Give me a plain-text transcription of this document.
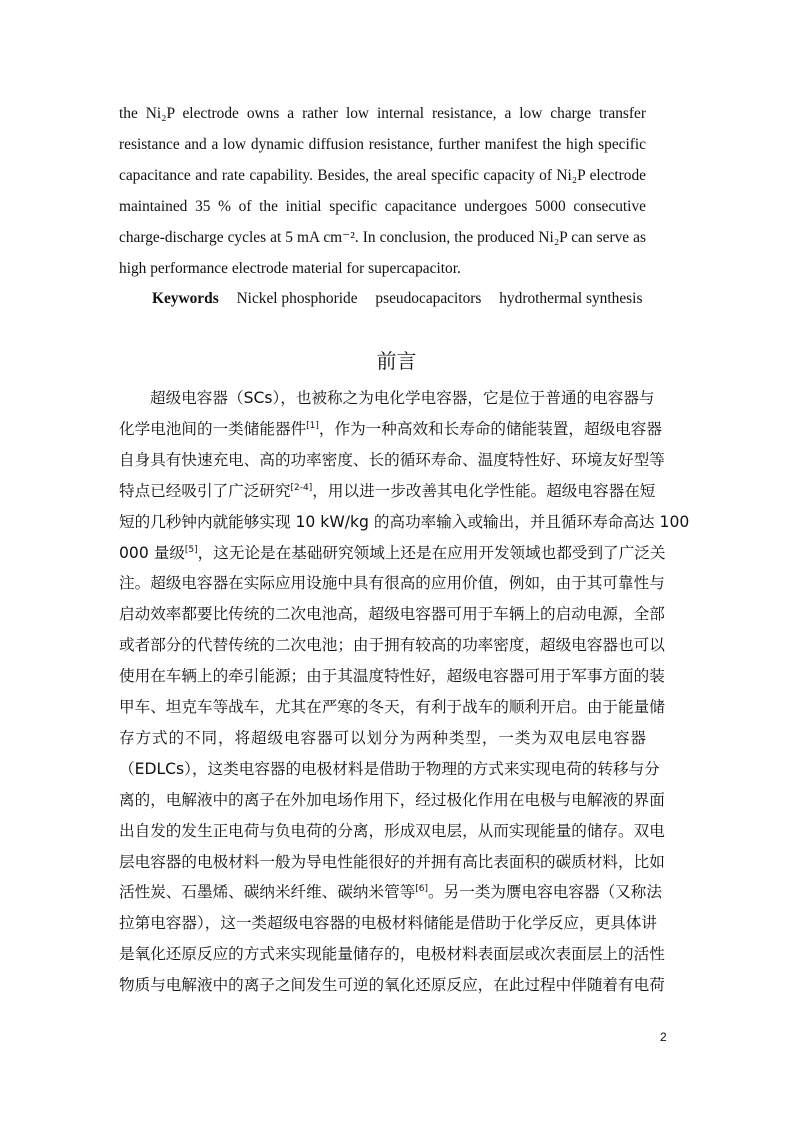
the Ni₂P electrode owns a rather low internal resistance, a low charge transfer
resistance and a low dynamic diffusion resistance, further manifest the high specific
capacitance and rate capability. Besides, the areal specific capacity of Ni₂P electrode
maintained 35 % of the initial specific capacitance undergoes 5000 consecutive
charge-discharge cycles at 5 mA cm⁻². In conclusion, the produced Ni₂P can serve as
high performance electrode material for supercapacitor.
Keywords Nickel phosphoride pseudocapacitors hydrothermal synthesis
前言
超级电容器（SCs），也被称之为电化学电容器，它是位于普通的电容器与
化学电池间的一类储能器件[1]，作为一种高效和长寿命的储能装置，超级电容器
自身具有快速充电、高的功率密度、长的循环寿命、温度特性好、环境友好型等
特点已经吸引了广泛研究[2-4]，用以进一步改善其电化学性能。超级电容器在短
短的几秒钟内就能够实现 10 kW/kg 的高功率输入或输出，并且循环寿命高达 100
000 量级[5]，这无论是在基础研究领域上还是在应用开发领域也都受到了广泛关
注。超级电容器在实际应用设施中具有很高的应用价值，例如，由于其可靠性与
启动效率都要比传统的二次电池高，超级电容器可用于车辆上的启动电源，全部
或者部分的代替传统的二次电池；由于拥有较高的功率密度，超级电容器也可以
使用在车辆上的牵引能源；由于其温度特性好，超级电容器可用于军事方面的装
甲车、坦克车等战车，尤其在严寒的冬天，有利于战车的顺利开启。由于能量储
存方式的不同，将超级电容器可以划分为两种类型，一类为双电层电容器
（EDLCs），这类电容器的电极材料是借助于物理的方式来实现电荷的转移与分
离的，电解液中的离子在外加电场作用下，经过极化作用在电极与电解液的界面
出自发的发生正电荷与负电荷的分离，形成双电层，从而实现能量的储存。双电
层电容器的电极材料一般为导电性能很好的并拥有高比表面积的碳质材料，比如
活性炭、石墨烯、碳纳米纤维、碳纳米管等[6]。另一类为赝电容电容器（又称法
拉第电容器），这一类超级电容器的电极材料储能是借助于化学反应，更具体讲
是氧化还原反应的方式来实现能量储存的，电极材料表面层或次表面层上的活性
物质与电解液中的离子之间发生可逆的氧化还原反应，在此过程中伴随着有电荷
2
